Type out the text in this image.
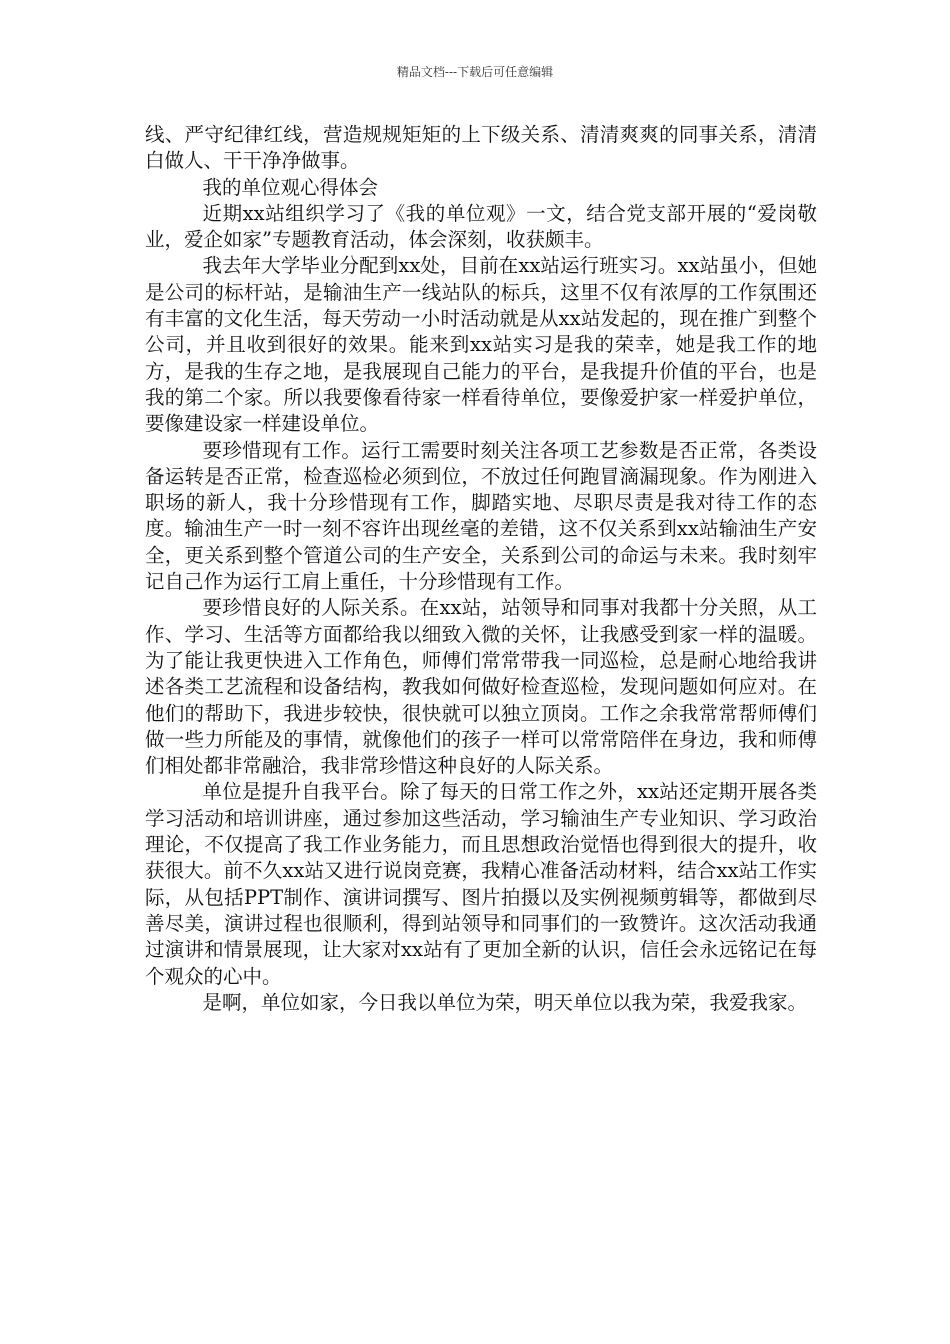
精品文档---下载后可任意编辑

线、严守纪律红线，营造规规矩矩的上下级关系、清清爽爽的同事关系，清清白做人、干干净净做事。

我的单位观心得体会

近期xx站组织学习了《我的单位观》一文，结合党支部开展的“爱岗敬业，爱企如家”专题教育活动，体会深刻，收获颇丰。

我去年大学毕业分配到xx处，目前在xx站运行班实习。xx站虽小，但她是公司的标杆站，是输油生产一线站队的标兵，这里不仅有浓厚的工作氛围还有丰富的文化生活，每天劳动一小时活动就是从xx站发起的，现在推广到整个公司，并且收到很好的效果。能来到xx站实习是我的荣幸，她是我工作的地方，是我的生存之地，是我展现自己能力的平台，是我提升价值的平台，也是我的第二个家。所以我要像看待家一样看待单位，要像爱护家一样爱护单位，要像建设家一样建设单位。

要珍惜现有工作。运行工需要时刻关注各项工艺参数是否正常，各类设备运转是否正常，检查巡检必须到位，不放过任何跑冒滴漏现象。作为刚进入职场的新人，我十分珍惜现有工作，脚踏实地、尽职尽责是我对待工作的态度。输油生产一时一刻不容许出现丝毫的差错，这不仅关系到xx站输油生产安全，更关系到整个管道公司的生产安全，关系到公司的命运与未来。我时刻牢记自己作为运行工肩上重任，十分珍惜现有工作。

要珍惜良好的人际关系。在xx站，站领导和同事对我都十分关照，从工作、学习、生活等方面都给我以细致入微的关怀，让我感受到家一样的温暖。为了能让我更快进入工作角色，师傅们常常带我一同巡检，总是耐心地给我讲述各类工艺流程和设备结构，教我如何做好检查巡检，发现问题如何应对。在他们的帮助下，我进步较快，很快就可以独立顶岗。工作之余我常常帮师傅们做一些力所能及的事情，就像他们的孩子一样可以常常陪伴在身边，我和师傅们相处都非常融洽，我非常珍惜这种良好的人际关系。

单位是提升自我平台。除了每天的日常工作之外，xx站还定期开展各类学习活动和培训讲座，通过参加这些活动，学习输油生产专业知识、学习政治理论，不仅提高了我工作业务能力，而且思想政治觉悟也得到很大的提升，收获很大。前不久xx站又进行说岗竞赛，我精心准备活动材料，结合xx站工作实际，从包括PPT制作、演讲词撰写、图片拍摄以及实例视频剪辑等，都做到尽善尽美，演讲过程也很顺利，得到站领导和同事们的一致赞许。这次活动我通过演讲和情景展现，让大家对xx站有了更加全新的认识，信任会永远铭记在每个观众的心中。

是啊，单位如家，今日我以单位为荣，明天单位以我为荣，我爱我家。
